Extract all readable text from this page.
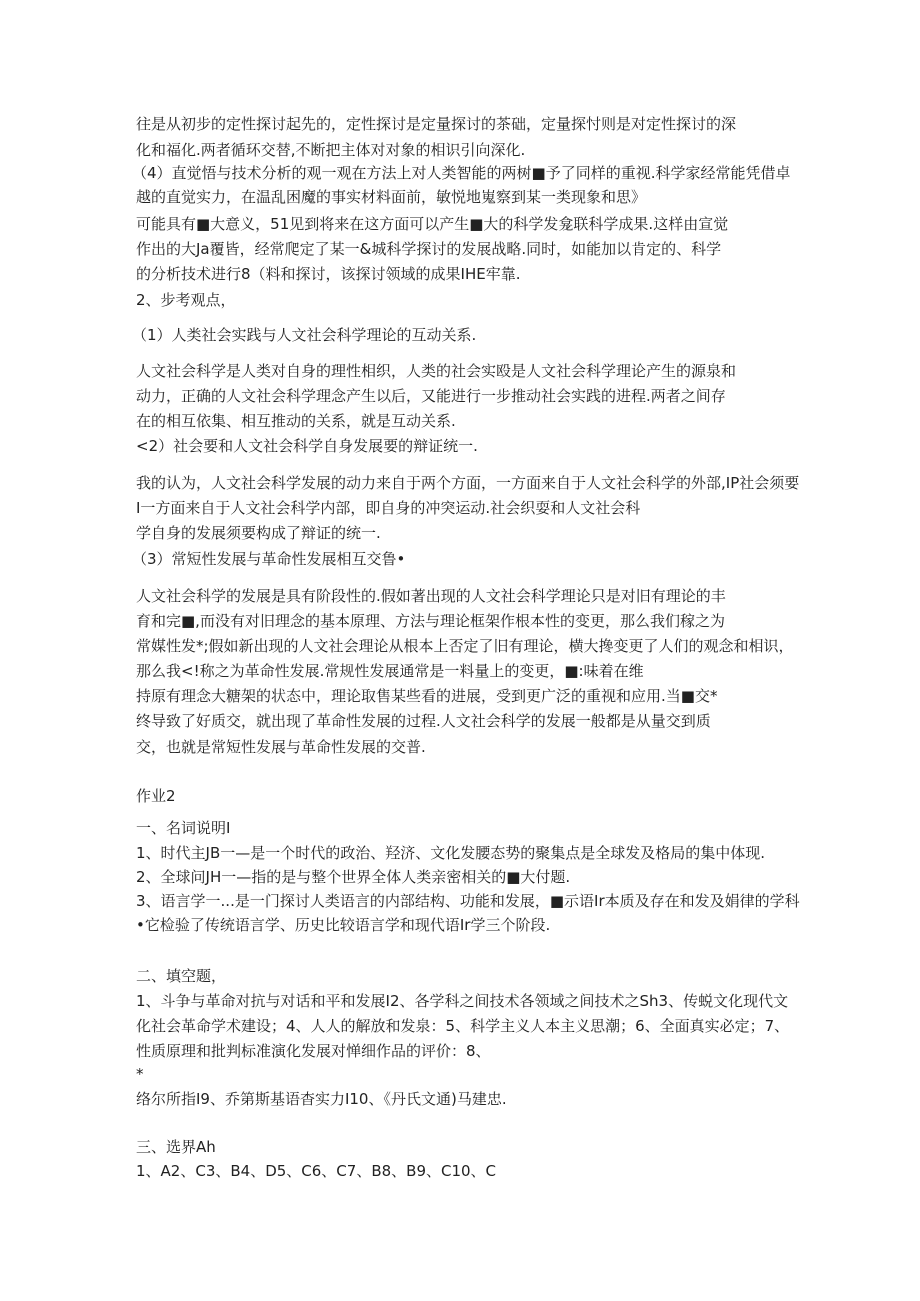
往是从初步的定性探讨起先的，定性探讨是定量探讨的茶础，定量探忖则是对定性探讨的深
化和福化.两者循环交替,不断把主体对对象的相识引向深化.
（4）直觉悟与技术分析的观一观在方法上对人类智能的两树■予了同样的重视.科学家经常能凭借卓
越的直觉实力，在温乱困魔的事实材料面前，敏悦地嵬察到某一类现象和思》
可能具有■大意义，51见到将来在这方面可以产生■大的科学发龛联科学成果.这样由宣觉
作出的大Ja覆皆，经常爬定了某一&城科学探讨的发展战略.同时，如能加以肯定的、科学
的分析技术进行8（料和探讨，该探讨领域的成果IHE牢靠.
2、步考观点，
（1）人类社会实践与人文社会科学理论的互动关系.
人文社会科学是人类对自身的理性相织，人类的社会实殴是人文社会科学理论产生的源泉和
动力，正确的人文社会科学理念产生以后，又能进行一步推动社会实践的进程.两者之间存
在的相互依集、相互推动的关系，就是互动关系.
<2）社会要和人文社会科学自身发展要的辩证统一.
我的认为，人文社会科学发展的动力来自于两个方面，一方面来自于人文社会科学的外部,IP社会须要
I一方面来自于人文社会科学内部，即自身的冲突运动.社会织耍和人文社会科
学自身的发展须要构成了辩证的统一.
（3）常短性发展与革命性发展相互交鲁•
人文社会科学的发展是具有阶段性的.假如著出现的人文社会科学理论只是对旧有理论的丰
育和完■,而没有对旧理念的基本原理、方法与理论框架作根本性的变更，那么我们稼之为
常媒性发*;假如新出现的人文社会理论从根本上否定了旧有理论，横大搀变更了人们的观念和相识，
那么我<!称之为革命性发展.常规性发展通常是一料量上的变更，■:味着在维
持原有理念大糖架的状态中，理论取售某些看的进展，受到更广泛的重视和应用.当■交*
终导致了好质交，就出现了革命性发展的过程.人文社会科学的发展一般都是从量交到质
交，也就是常短性发展与革命性发展的交普.
作业2
一、名词说明I
1、时代主JB一—是一个时代的政治、羟济、文化发腰态势的聚集点是全球发及格局的集中体现.
2、全球问JH一—指的是与整个世界全体人类亲密相关的■大付题.
3、语言学一...是一门探讨人类语言的内部结构、功能和发展，■示语Ir本质及存在和发及娟律的学科
•它检验了传统语言学、历史比较语言学和现代语Ir学三个阶段.
二、填空题，
1、斗争与革命对抗与对话和平和发展I2、各学科之间技术各领域之间技术之Sh3、传蜕文化现代文
化社会革命学术建设；4、人人的解放和发泉：5、科学主义人本主义思潮；6、全面真实必定；7、
性质原理和批判标准演化发展对惮细作品的评价：8、
*
络尔所指I9、乔第斯基语杳实力I10、《丹氏文通)马建忠.
三、选界Ah
1、A2、C3、B4、D5、C6、C7、B8、B9、C10、C
